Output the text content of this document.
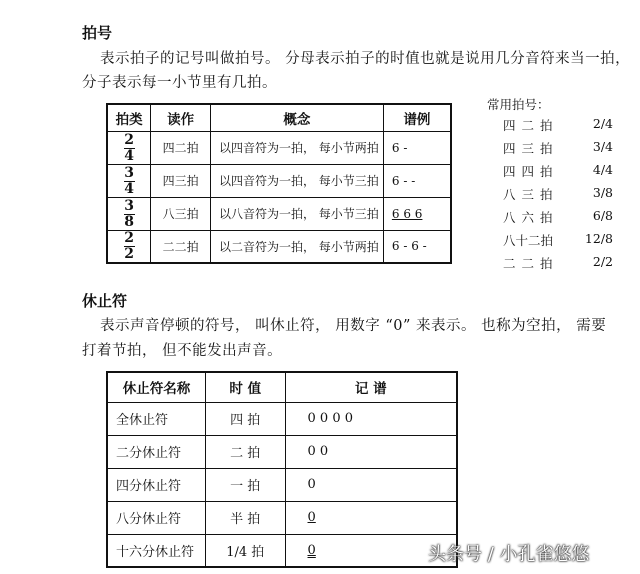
拍号
表示拍子的记号叫做拍号。 分母表示拍子的时值也就是说用几分音符来当一拍，
分子表示每一小节里有几拍。
拍类	读作	概念	谱例

$\frac{2}{4}$	四二拍	以四音符为一拍， 每小节两拍	6 -

$\frac{3}{4}$	四三拍	以四音符为一拍， 每小节三拍	6 - -

$\frac{3}{8}$	八三拍	以八音符为一拍， 每小节三拍	6 6 6

$\frac{2}{2}$	二二拍	以二音符为一拍， 每小节两拍	6 - 6 -
常用拍号：
四 二 拍	2/4
四 三 拍	3/4
四 四 拍	4/4
八 三 拍	3/8
八 六 拍	6/8
八十二拍	12/8
二 二 拍	2/2
休止符
表示声音停顿的符号， 叫休止符， 用数字 “0” 来表示。 也称为空拍， 需要
打着节拍， 但不能发出声音。
休止符名称	时 值	记 谱
全休止符	四 拍	0 0 0 0
二分休止符	二 拍	0 0
四分休止符	一 拍	0
八分休止符	半 拍	0
十六分休止符	1/4 拍	0	头条号 / 小孔雀悠悠
